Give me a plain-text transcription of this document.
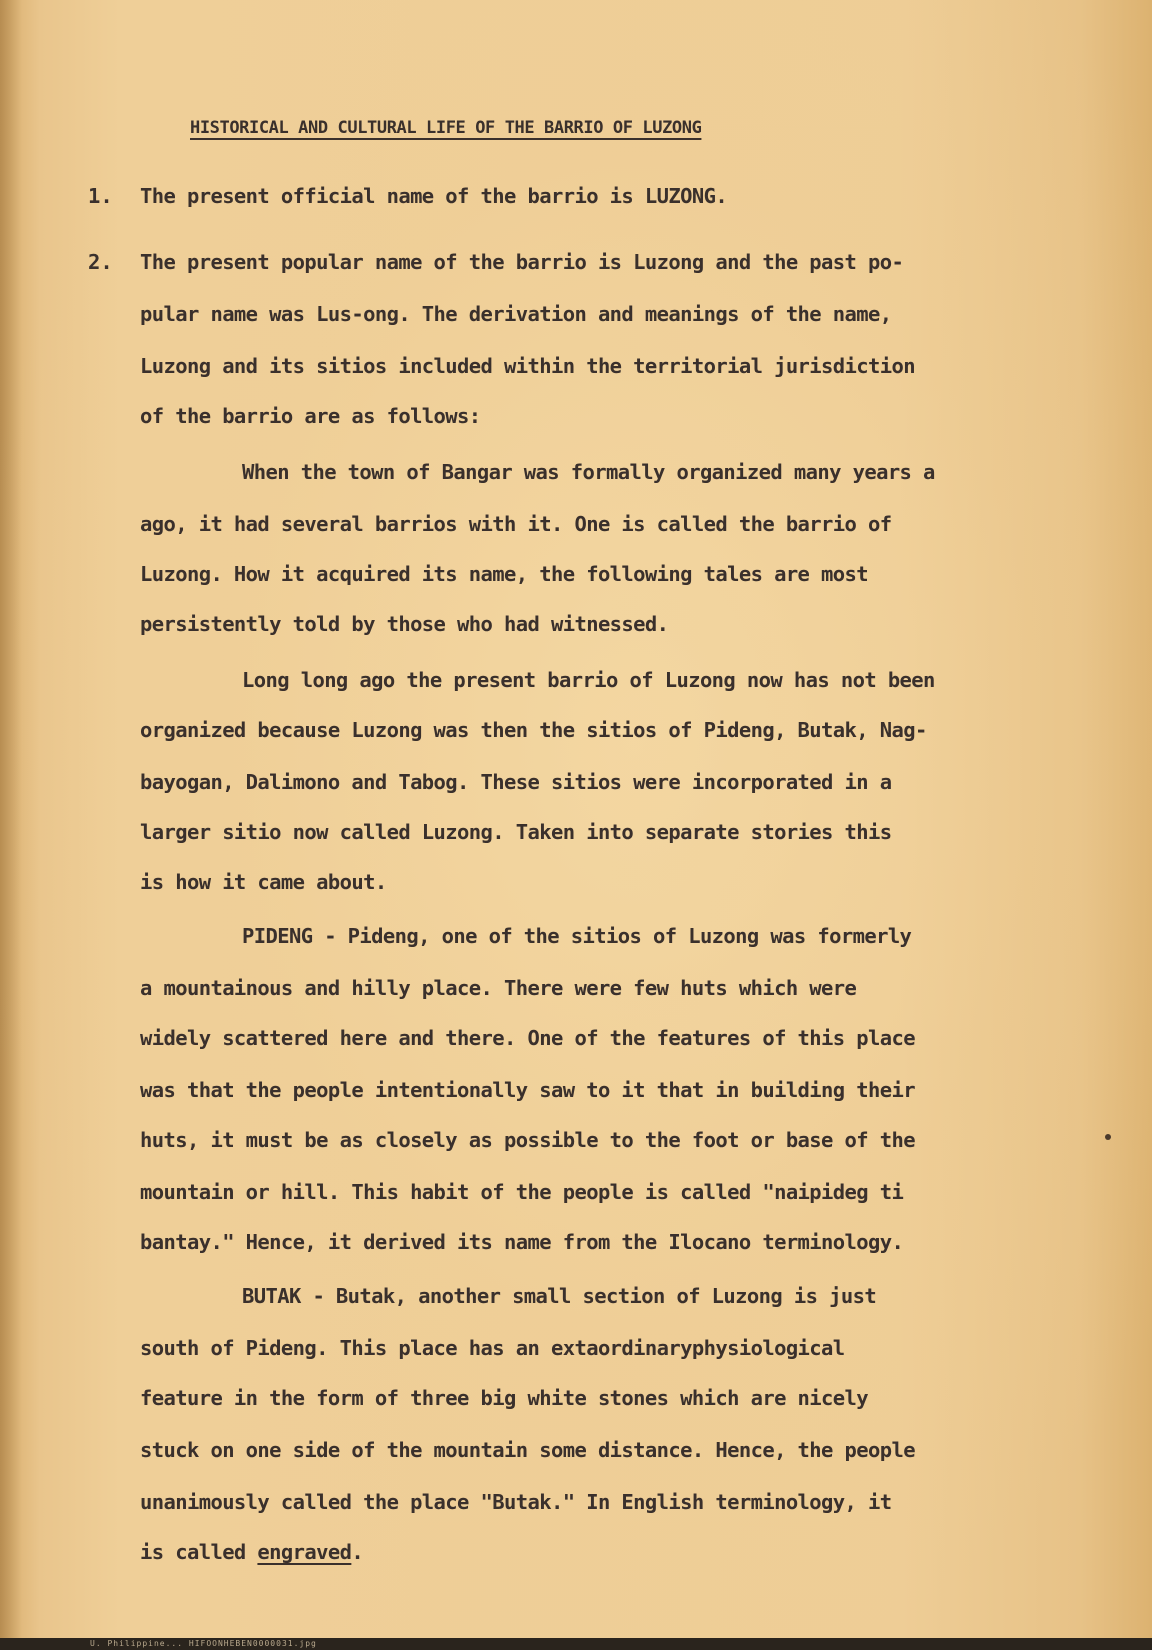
HISTORICAL AND CULTURAL LIFE OF THE BARRIO OF LUZONG
1. The present official name of the barrio is LUZONG.
2. The present popular name of the barrio is Luzong and the past po-
pular name was Lus-ong. The derivation and meanings of the name,
Luzong and its sitios included within the territorial jurisdiction
of the barrio are as follows:
When the town of Bangar was formally organized many years a
ago, it had several barrios with it. One is called the barrio of
Luzong. How it acquired its name, the following tales are most
persistently told by those who had witnessed.
Long long ago the present barrio of Luzong now has not been
organized because Luzong was then the sitios of Pideng, Butak, Nag-
bayogan, Dalimono and Tabog. These sitios were incorporated in a
larger sitio now called Luzong. Taken into separate stories this
is how it came about.
PIDENG - Pideng, one of the sitios of Luzong was formerly
a mountainous and hilly place. There were few huts which were
widely scattered here and there. One of the features of this place
was that the people intentionally saw to it that in building their
huts, it must be as closely as possible to the foot or base of the
mountain or hill. This habit of the people is called "naipideg ti
bantay." Hence, it derived its name from the Ilocano terminology.
BUTAK - Butak, another small section of Luzong is just
south of Pideng. This place has an extaordinaryphysiological
feature in the form of three big white stones which are nicely
stuck on one side of the mountain some distance. Hence, the people
unanimously called the place "Butak." In English terminology, it
is called engraved.
U. Philippine... HIFOONHEBEN0000031.jpg
